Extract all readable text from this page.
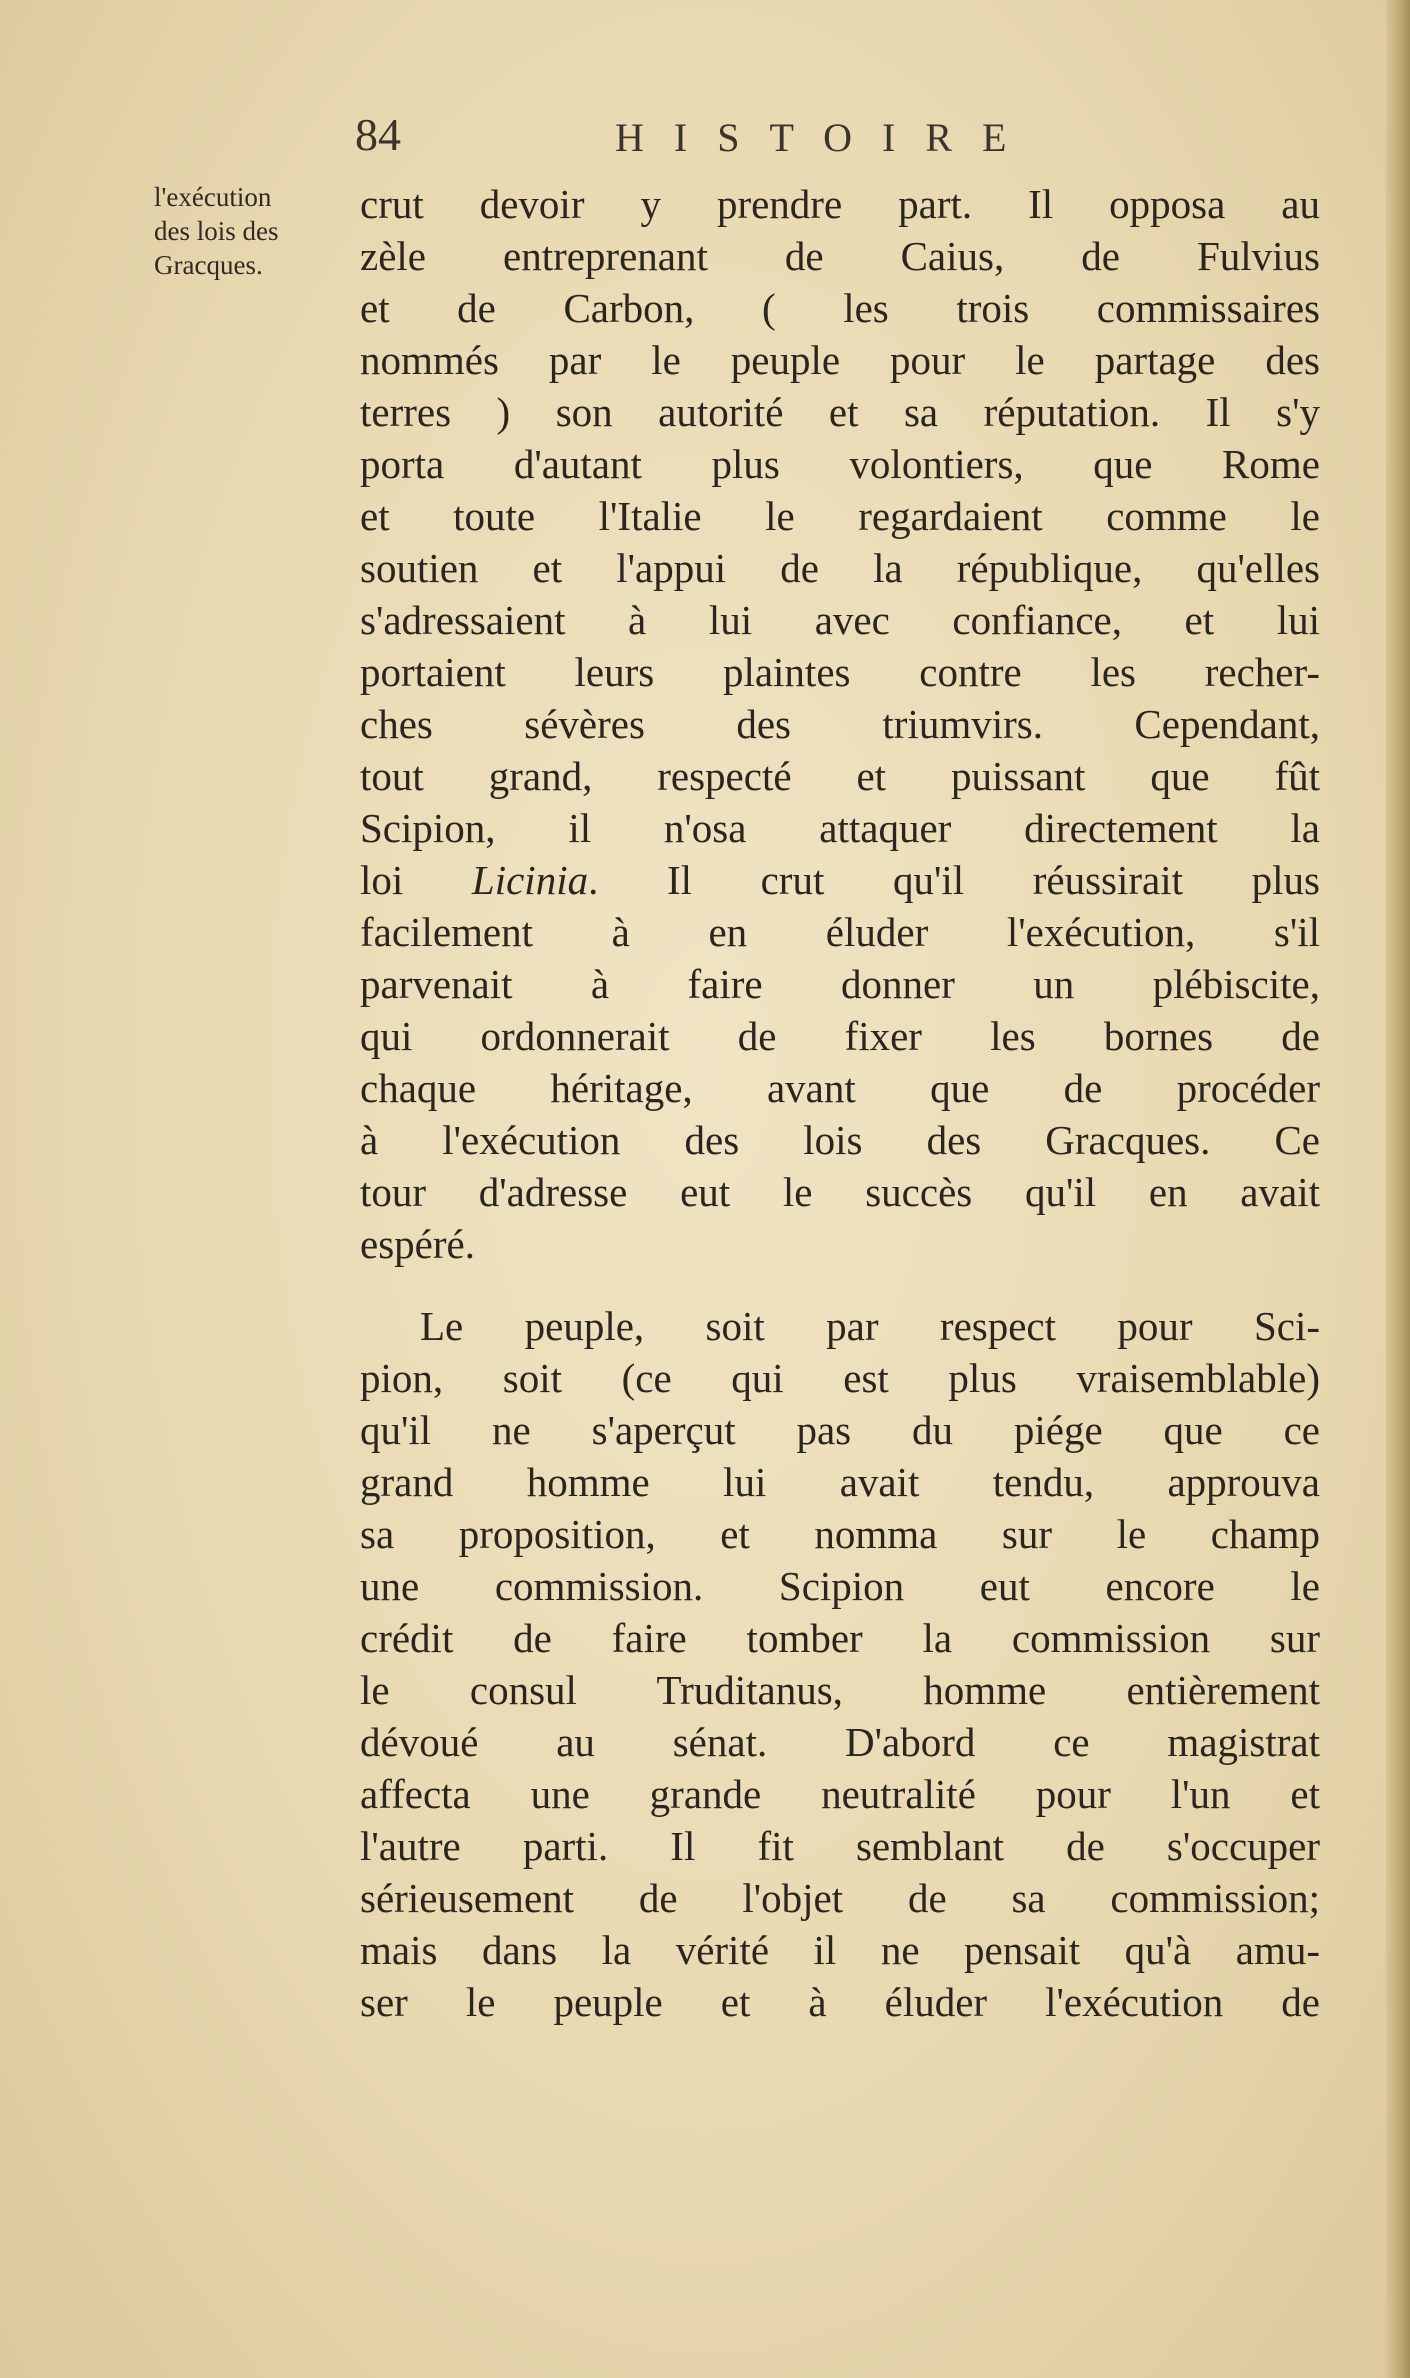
84	HISTOIRE
l'exécution
des lois des
Gracques.

crut devoir y prendre part. Il opposa au

zèle entreprenant de Caius, de Fulvius

et de Carbon, ( les trois commissaires

nommés par le peuple pour le partage des

terres ) son autorité et sa réputation. Il s'y

porta d'autant plus volontiers, que Rome

et toute l'Italie le regardaient comme le

soutien et l'appui de la république, qu'elles

s'adressaient à lui avec confiance, et lui

portaient leurs plaintes contre les recher-

ches sévères des triumvirs. Cependant,

tout grand, respecté et puissant que fût

Scipion, il n'osa attaquer directement la

loi Licinia. Il crut qu'il réussirait plus

facilement à en éluder l'exécution, s'il

parvenait à faire donner un plébiscite,

qui ordonnerait de fixer les bornes de

chaque héritage, avant que de procéder

à l'exécution des lois des Gracques. Ce

tour d'adresse eut le succès qu'il en avait

espéré.

Le peuple, soit par respect pour Sci-

pion, soit (ce qui est plus vraisemblable)

qu'il ne s'aperçut pas du piége que ce

grand homme lui avait tendu, approuva

sa proposition, et nomma sur le champ

une commission. Scipion eut encore le

crédit de faire tomber la commission sur

le consul Truditanus, homme entièrement

dévoué au sénat. D'abord ce magistrat

affecta une grande neutralité pour l'un et

l'autre parti. Il fit semblant de s'occuper

sérieusement de l'objet de sa commission;

mais dans la vérité il ne pensait qu'à amu-

ser le peuple et à éluder l'exécution de
